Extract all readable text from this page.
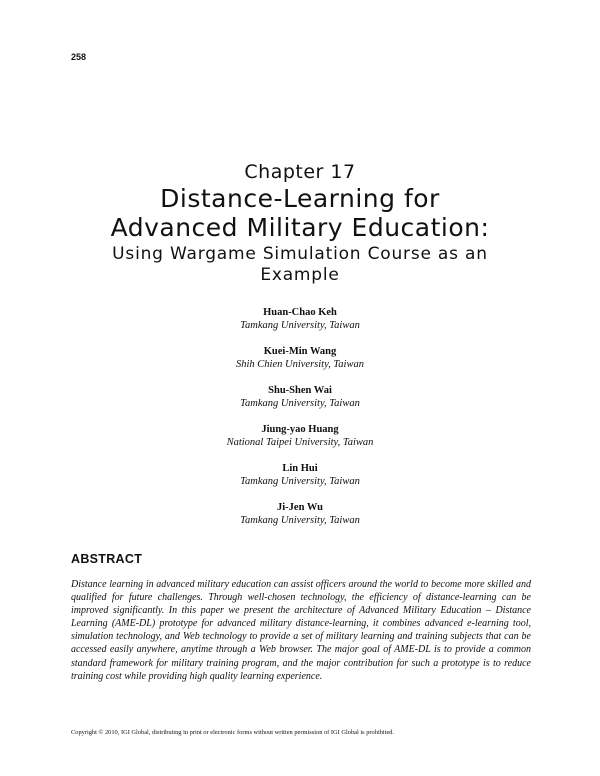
258
Chapter 17
Distance-Learning for
Advanced Military Education:
Using Wargame Simulation Course as an
Example
Huan-Chao Keh
Tamkang University, Taiwan
Kuei-Min Wang
Shih Chien University, Taiwan
Shu-Shen Wai
Tamkang University, Taiwan
Jiung-yao Huang
National Taipei University, Taiwan
Lin Hui
Tamkang University, Taiwan
Ji-Jen Wu
Tamkang University, Taiwan
ABSTRACT
Distance learning in advanced military education can assist officers around the world to become more skilled and qualified for future challenges. Through well-chosen technology, the efficiency of distance-learning can be improved significantly. In this paper we present the architecture of Advanced Military Education – Distance Learning (AME-DL) prototype for advanced military distance-learning, it combines advanced e-learning tool, simulation technology, and Web technology to provide a set of military learning and training subjects that can be accessed easily anywhere, anytime through a Web browser. The major goal of AME-DL is to provide a common standard framework for military training program, and the major contribution for such a prototype is to reduce training cost while providing high quality learning experience.
Copyright © 2010, IGI Global, distributing in print or electronic forms without written permission of IGI Global is prohibited.
